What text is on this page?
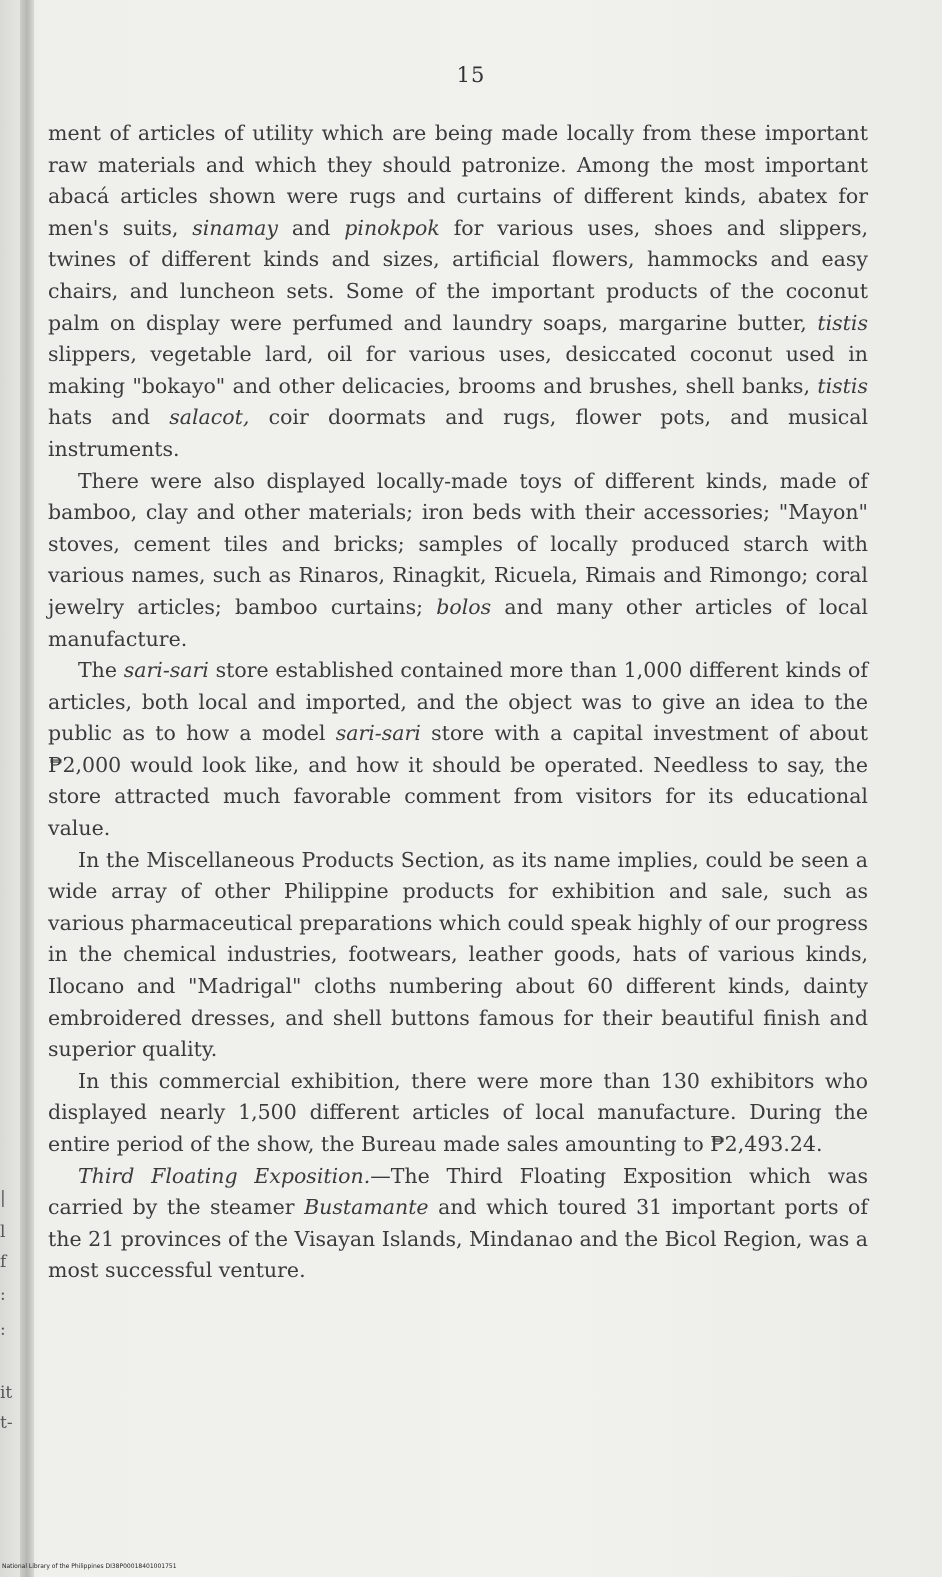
|
l
f
:
:
it
t-
15

ment of articles of utility which are being made locally from these important raw materials and which they should patronize. Among the most important abacá articles shown were rugs and curtains of different kinds, abatex for men's suits, sinamay and pinokpok for various uses, shoes and slippers, twines of different kinds and sizes, artificial flowers, hammocks and easy chairs, and luncheon sets. Some of the important products of the coconut palm on display were perfumed and laundry soaps, margarine butter, tistis slippers, vegetable lard, oil for various uses, desiccated coconut used in making "bokayo" and other delicacies, brooms and brushes, shell banks, tistis hats and salacot, coir doormats and rugs, flower pots, and musical instruments.

There were also displayed locally-made toys of different kinds, made of bamboo, clay and other materials; iron beds with their accessories; "Mayon" stoves, cement tiles and bricks; samples of locally produced starch with various names, such as Rinaros, Rinagkit, Ricuela, Rimais and Rimongo; coral jewelry articles; bamboo curtains; bolos and many other articles of local manufacture.

The sari-sari store established contained more than 1,000 different kinds of articles, both local and imported, and the object was to give an idea to the public as to how a model sari-sari store with a capital investment of about ₱2,000 would look like, and how it should be operated. Needless to say, the store attracted much favorable comment from visitors for its educational value.

In the Miscellaneous Products Section, as its name implies, could be seen a wide array of other Philippine products for exhibition and sale, such as various pharmaceutical preparations which could speak highly of our progress in the chemical industries, footwears, leather goods, hats of various kinds, Ilocano and "Madrigal" cloths numbering about 60 different kinds, dainty embroidered dresses, and shell buttons famous for their beautiful finish and superior quality.

In this commercial exhibition, there were more than 130 exhibitors who displayed nearly 1,500 different articles of local manufacture. During the entire period of the show, the Bureau made sales amounting to ₱2,493.24.

Third Floating Exposition.—The Third Floating Exposition which was carried by the steamer Bustamante and which toured 31 important ports of the 21 provinces of the Visayan Islands, Mindanao and the Bicol Region, was a most successful venture.

National Library of the Philippines DI38P00018401001751
